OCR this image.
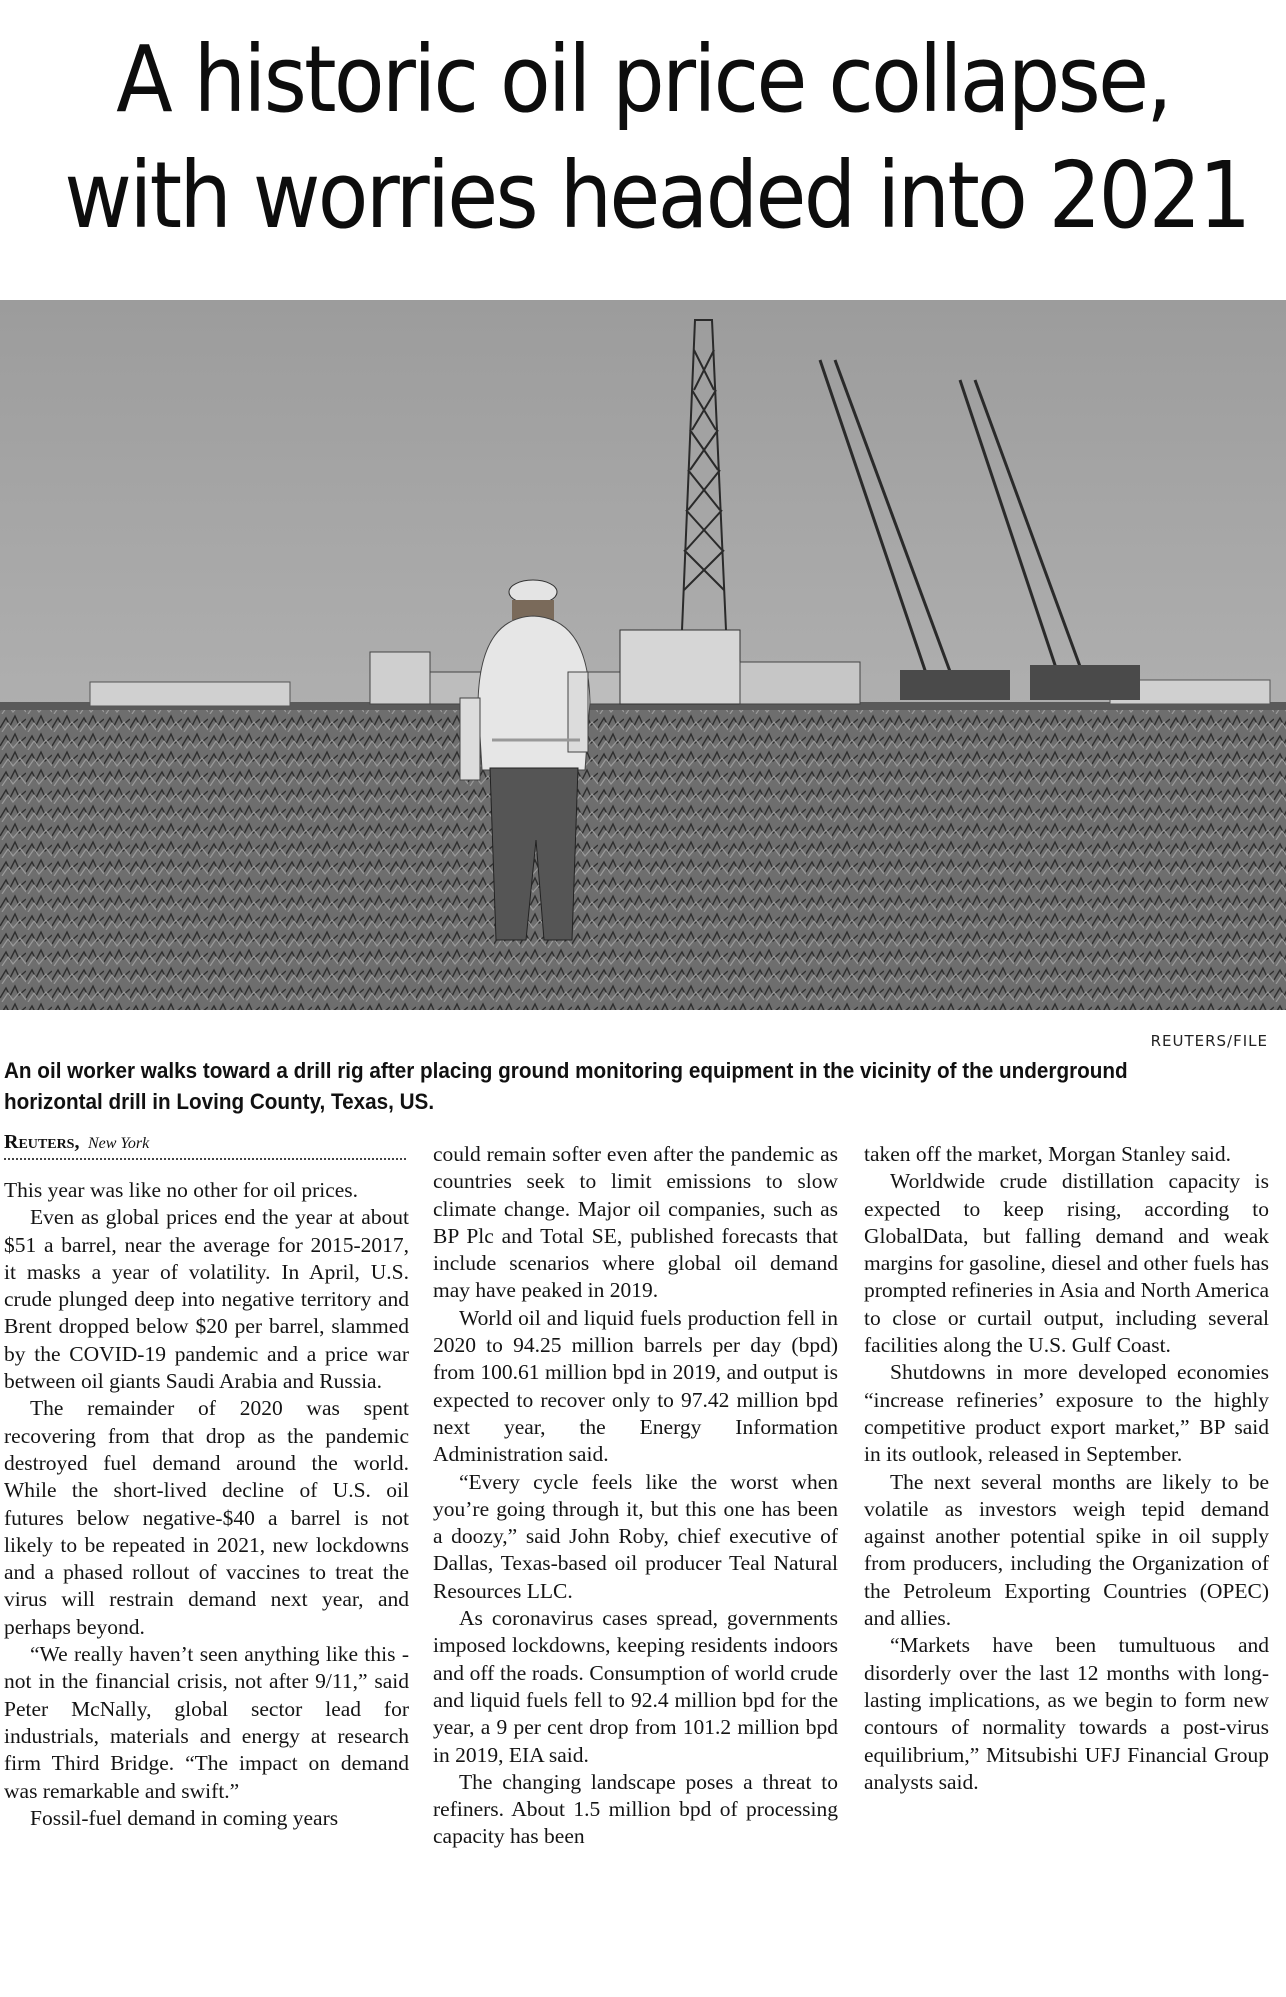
A historic oil price collapse,
with worries headed into 2021
REUTERS/FILE
An oil worker walks toward a drill rig after placing ground monitoring equipment in the vicinity of the underground horizontal drill in Loving County, Texas, US.
Reuters, New York

This year was like no other for oil prices.

Even as global prices end the year at about $51 a barrel, near the average for 2015-2017, it masks a year of volatility. In April, U.S. crude plunged deep into negative territory and Brent dropped below $20 per barrel, slammed by the COVID-19 pandemic and a price war between oil giants Saudi Arabia and Russia.

The remainder of 2020 was spent recovering from that drop as the pandemic destroyed fuel demand around the world. While the short-lived decline of U.S. oil futures below negative-$40 a barrel is not likely to be repeated in 2021, new lockdowns and a phased rollout of vaccines to treat the virus will restrain demand next year, and perhaps beyond.

“We really haven’t seen anything like this - not in the financial crisis, not after 9/11,” said Peter McNally, global sector lead for industrials, materials and energy at research firm Third Bridge. “The impact on demand was remarkable and swift.”

Fossil-fuel demand in coming years

could remain softer even after the pandemic as countries seek to limit emissions to slow climate change. Major oil companies, such as BP Plc and Total SE, published forecasts that include scenarios where global oil demand may have peaked in 2019.

World oil and liquid fuels production fell in 2020 to 94.25 million barrels per day (bpd) from 100.61 million bpd in 2019, and output is expected to recover only to 97.42 million bpd next year, the Energy Information Administration said.

“Every cycle feels like the worst when you’re going through it, but this one has been a doozy,” said John Roby, chief executive of Dallas, Texas-based oil producer Teal Natural Resources LLC.

As coronavirus cases spread, governments imposed lockdowns, keeping residents indoors and off the roads. Consumption of world crude and liquid fuels fell to 92.4 million bpd for the year, a 9 per cent drop from 101.2 million bpd in 2019, EIA said.

The changing landscape poses a threat to refiners. About 1.5 million bpd of processing capacity has been

taken off the market, Morgan Stanley said.

Worldwide crude distillation capacity is expected to keep rising, according to GlobalData, but falling demand and weak margins for gasoline, diesel and other fuels has prompted refineries in Asia and North America to close or curtail output, including several facilities along the U.S. Gulf Coast.

Shutdowns in more developed economies “increase refineries’ exposure to the highly competitive product export market,” BP said in its outlook, released in September.

The next several months are likely to be volatile as investors weigh tepid demand against another potential spike in oil supply from producers, including the Organization of the Petroleum Exporting Countries (OPEC) and allies.

“Markets have been tumultuous and disorderly over the last 12 months with long-lasting implications, as we begin to form new contours of normality towards a post-virus equilibrium,” Mitsubishi UFJ Financial Group analysts said.
